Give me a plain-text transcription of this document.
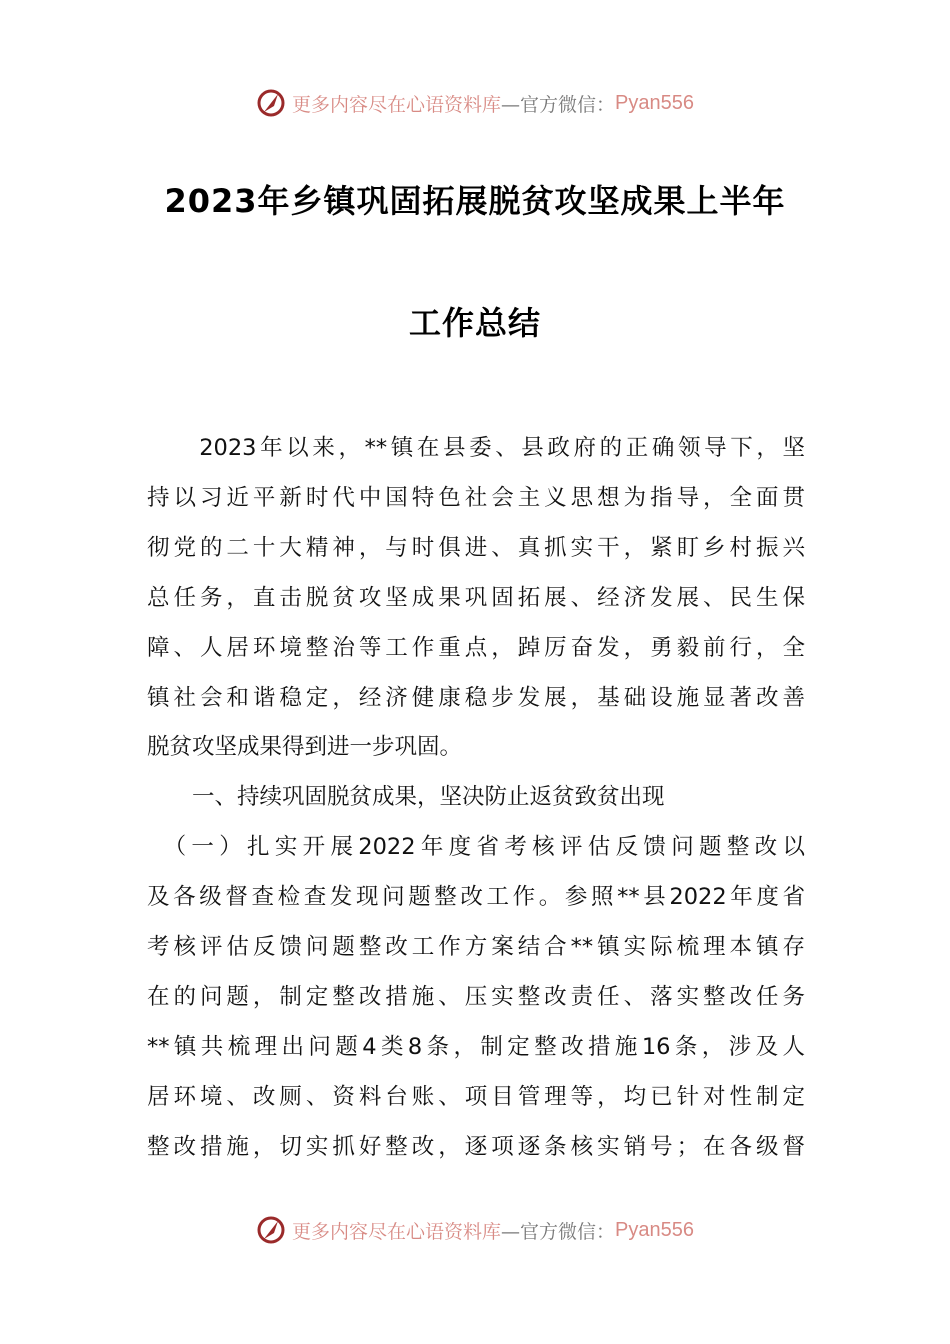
更多内容尽在心语资料库 —官方微信： Pyan556
2023年乡镇巩固拓展脱贫攻坚成果上半年
工作总结
　　2023年以来，**镇在县委、县政府的正确领导下，坚
持以习近平新时代中国特色社会主义思想为指导，全面贯
彻党的二十大精神，与时俱进、真抓实干，紧盯乡村振兴
总任务，直击脱贫攻坚成果巩固拓展、经济发展、民生保
障、人居环境整治等工作重点，踔厉奋发，勇毅前行，全
镇社会和谐稳定，经济健康稳步发展，基础设施显著改善
脱贫攻坚成果得到进一步巩固。
　　一、持续巩固脱贫成果，坚决防止返贫致贫出现
　（一）扎实开展2022年度省考核评估反馈问题整改以
及各级督查检查发现问题整改工作。参照**县2022年度省
考核评估反馈问题整改工作方案结合**镇实际梳理本镇存
在的问题，制定整改措施、压实整改责任、落实整改任务
**镇共梳理出问题4类8条，制定整改措施16条，涉及人
居环境、改厕、资料台账、项目管理等，均已针对性制定
整改措施，切实抓好整改，逐项逐条核实销号；在各级督
更多内容尽在心语资料库 —官方微信： Pyan556
